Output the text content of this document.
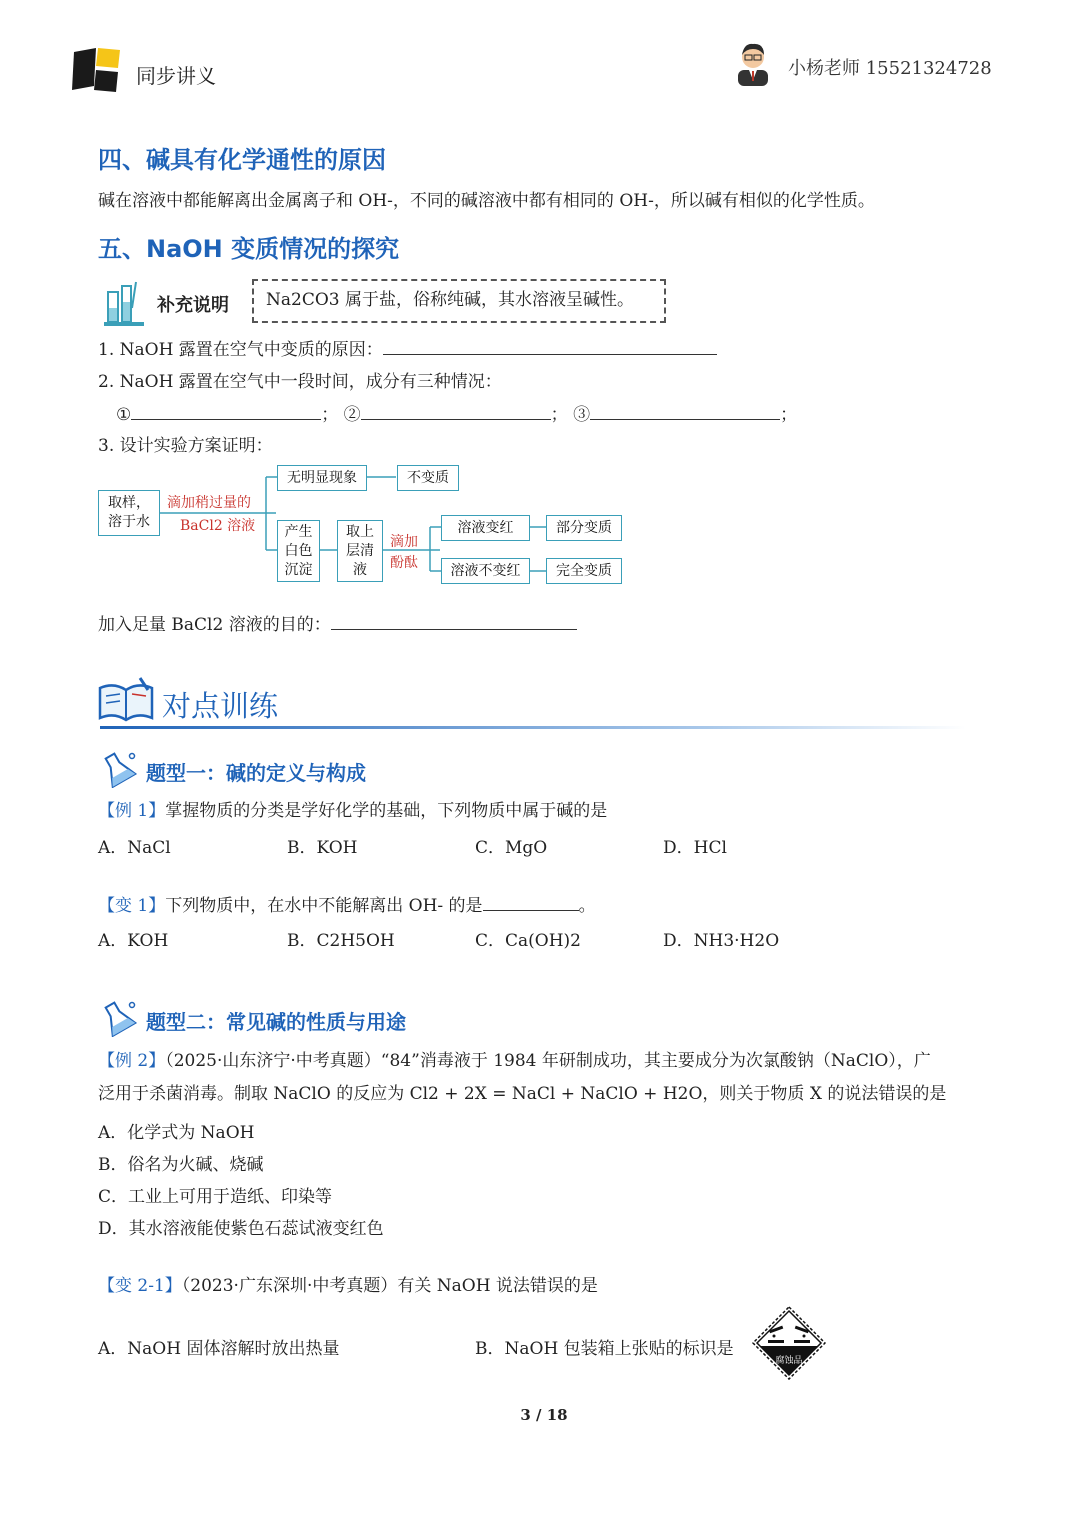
同步讲义	小杨老师 15521324728
四、碱具有化学通性的原因
碱在溶液中都能解离出金属离子和 OH-，不同的碱溶液中都有相同的 OH-，所以碱有相似的化学性质。
五、NaOH 变质情况的探究
补充说明 Na2CO3 属于盐，俗称纯碱，其水溶液呈碱性。
1. NaOH 露置在空气中变质的原因：
2. NaOH 露置在空气中一段时间，成分有三种情况：
①	； ②	； ③	；
3. 设计实验方案证明：
取样，溶于水
滴加稍过量的
BaCl2 溶液
无明显现象	不变质
产生白色沉淀
取上层清液
滴加酚酞
溶液变红	部分变质
溶液不变红	完全变质
加入足量 BaCl2 溶液的目的：
对点训练
题型一：碱的定义与构成
【例 1】掌握物质的分类是学好化学的基础，下列物质中属于碱的是
A．NaCl	B．KOH	C．MgO	D．HCl
【变 1】下列物质中，在水中不能解离出 OH- 的是	。
A．KOH	B．C2H5OH	C．Ca(OH)2	D．NH3·H2O
题型二：常见碱的性质与用途
【例 2】（2025·山东济宁·中考真题）“84”消毒液于 1984 年研制成功，其主要成分为次氯酸钠（NaClO），广
泛用于杀菌消毒。制取 NaClO 的反应为 Cl2 + 2X = NaCl + NaClO + H2O，则关于物质 X 的说法错误的是
A．化学式为 NaOH
B．俗名为火碱、烧碱
C．工业上可用于造纸、印染等
D．其水溶液能使紫色石蕊试液变红色
【变 2-1】（2023·广东深圳·中考真题）有关 NaOH 说法错误的是
A．NaOH 固体溶解时放出热量	B．NaOH 包装箱上张贴的标识是
腐蚀品
3 / 18
